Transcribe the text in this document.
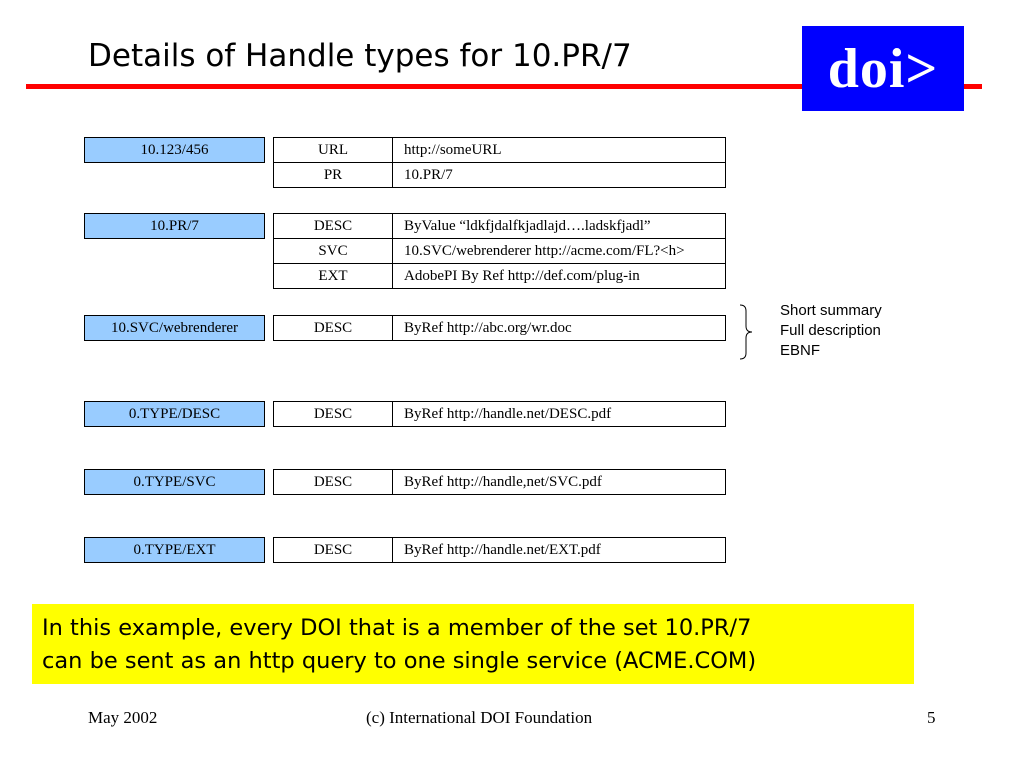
Details of Handle types for 10.PR/7	doi>
10.123/456	URL	http://someURL
PR	10.PR/7
10.PR/7	DESC	ByValue “ldkfjdalfkjadlajd….ladskfjadl”
SVC	10.SVC/webrenderer http://acme.com/FL?<h>
EXT	AdobePI By Ref http://def.com/plug-in
10.SVC/webrenderer	DESC	ByRef http://abc.org/wr.doc
Short summary
Full description
EBNF
0.TYPE/DESC	DESC	ByRef http://handle.net/DESC.pdf
0.TYPE/SVC	DESC	ByRef http://handle,net/SVC.pdf
0.TYPE/EXT	DESC	ByRef http://handle.net/EXT.pdf
In this example, every DOI that is a member of the set 10.PR/7
can be sent as an http query to one single service (ACME.COM)
May 2002	(c) International DOI Foundation	5
